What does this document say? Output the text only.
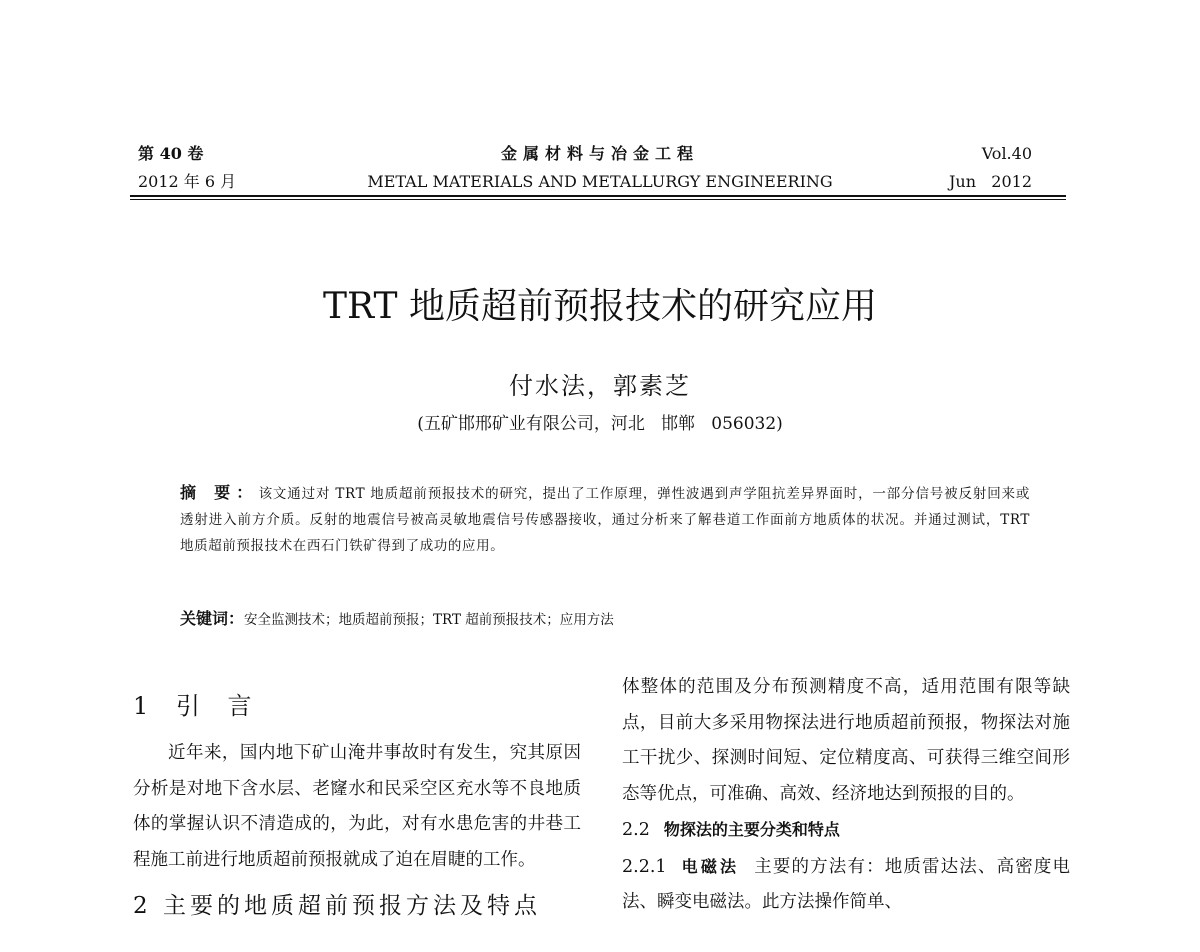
第 40 卷
2012 年 6 月
金属材料与冶金工程
METAL MATERIALS AND METALLURGY ENGINEERING
Vol.40
Jun   2012
TRT 地质超前预报技术的研究应用
付水法，郭素芝
(五矿邯邢矿业有限公司，河北   邯郸   056032)
摘 要：该文通过对 TRT 地质超前预报技术的研究，提出了工作原理，弹性波遇到声学阻抗差异界面时，一部分信号被反射回来或透射进入前方介质。反射的地震信号被高灵敏地震信号传感器接收，通过分析来了解巷道工作面前方地质体的状况。并通过测试，TRT 地质超前预报技术在西石门铁矿得到了成功的应用。
关键词：安全监测技术；地质超前预报；TRT 超前预报技术；应用方法
1 引 言
近年来，国内地下矿山淹井事故时有发生，究其原因分析是对地下含水层、老窿水和民采空区充水等不良地质体的掌握认识不清造成的，为此，对有水患危害的井巷工程施工前进行地质超前预报就成了迫在眉睫的工作。
2 主要的地质超前预报方法及特点
体整体的范围及分布预测精度不高，适用范围有限等缺点，目前大多采用物探法进行地质超前预报，物探法对施工干扰少、探测时间短、定位精度高、可获得三维空间形态等优点，可准确、高效、经济地达到预报的目的。
2.2 物探法的主要分类和特点
2.2.1 电磁法 主要的方法有：地质雷达法、高密度电法、瞬变电磁法。此方法操作简单、
